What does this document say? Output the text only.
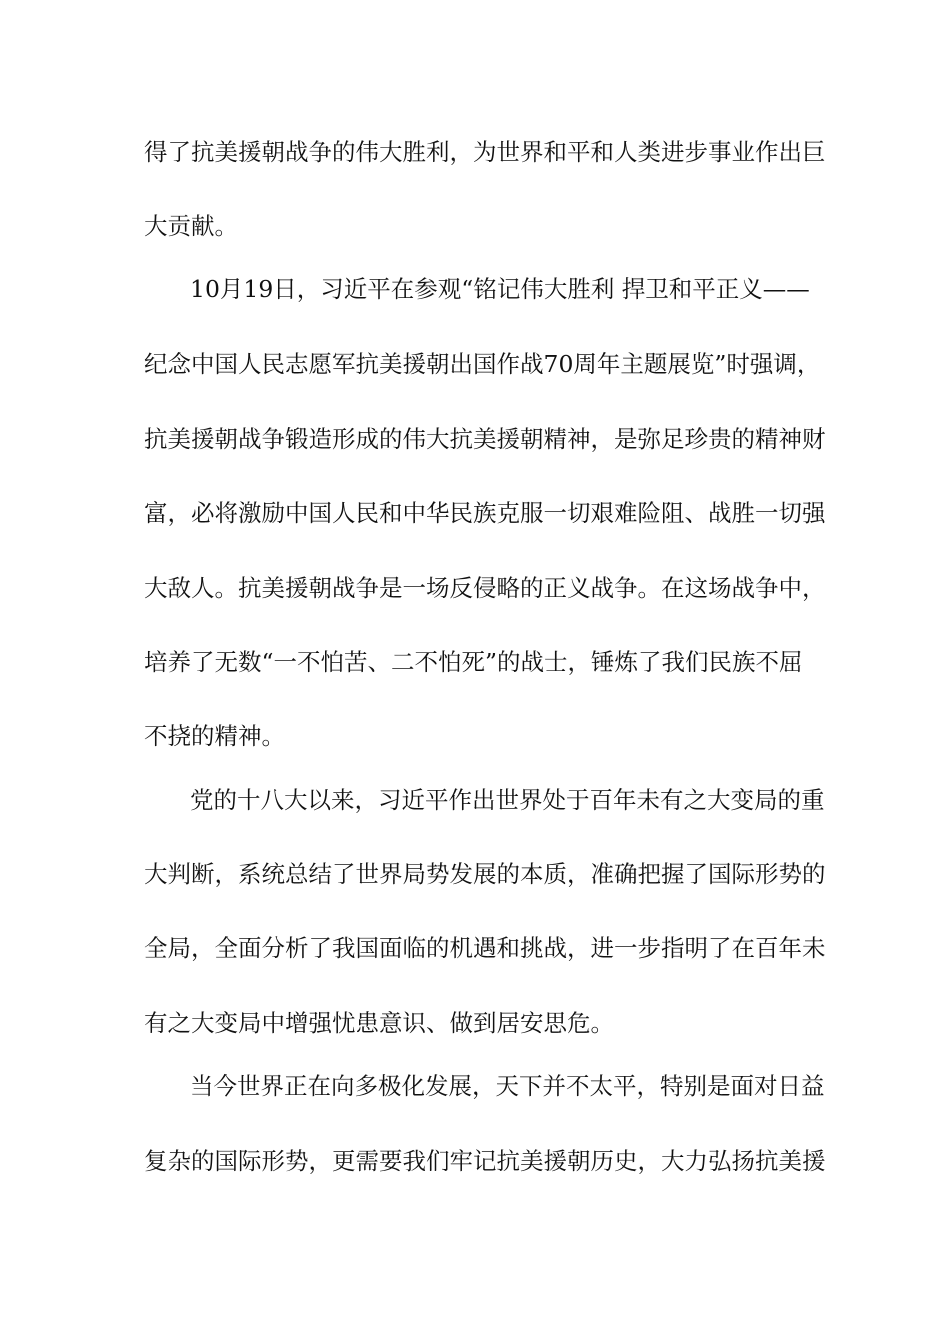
得了抗美援朝战争的伟大胜利，为世界和平和人类进步事业作出巨
大贡献。
10月19日，习近平在参观“铭记伟大胜利 捍卫和平正义——
纪念中国人民志愿军抗美援朝出国作战70周年主题展览”时强调，
抗美援朝战争锻造形成的伟大抗美援朝精神，是弥足珍贵的精神财
富，必将激励中国人民和中华民族克服一切艰难险阻、战胜一切强
大敌人。抗美援朝战争是一场反侵略的正义战争。在这场战争中，
培养了无数“一不怕苦、二不怕死”的战士，锤炼了我们民族不屈
不挠的精神。
党的十八大以来，习近平作出世界处于百年未有之大变局的重
大判断，系统总结了世界局势发展的本质，准确把握了国际形势的
全局，全面分析了我国面临的机遇和挑战，进一步指明了在百年未
有之大变局中增强忧患意识、做到居安思危。
当今世界正在向多极化发展，天下并不太平，特别是面对日益
复杂的国际形势，更需要我们牢记抗美援朝历史，大力弘扬抗美援
